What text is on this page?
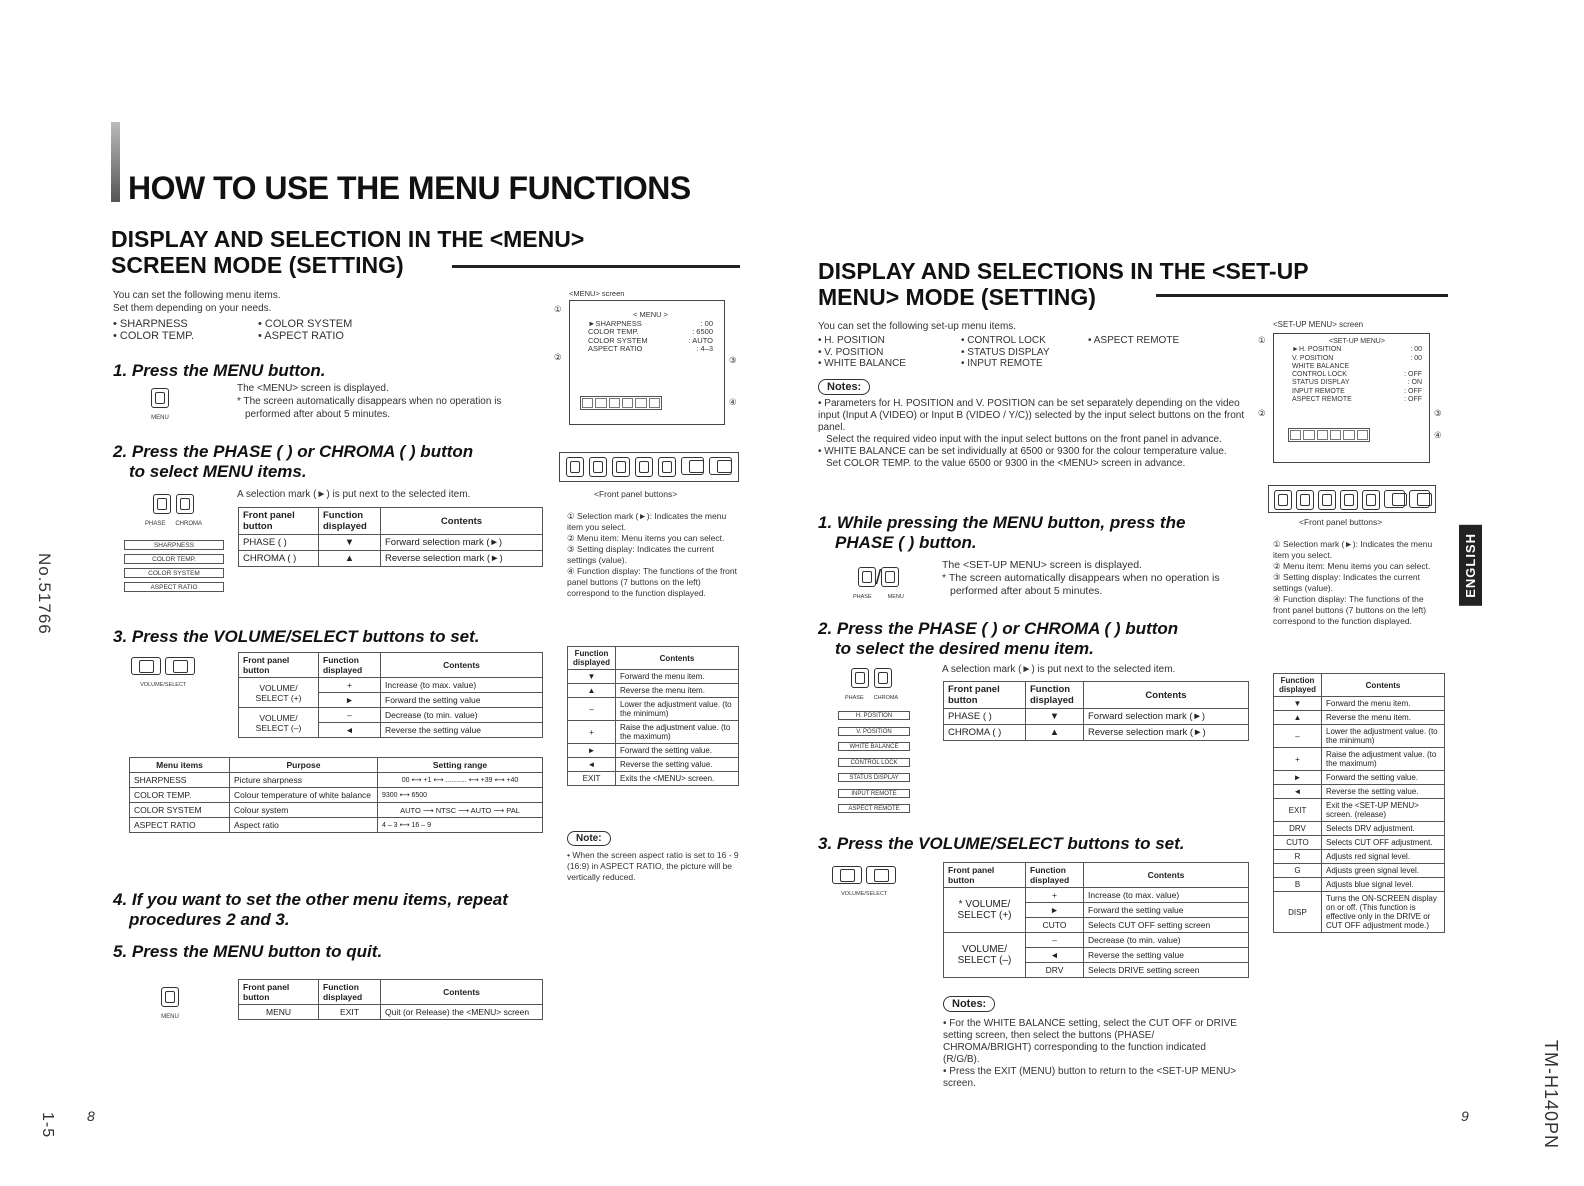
HOW TO USE THE MENU FUNCTIONS
DISPLAY AND SELECTION IN THE <MENU>
SCREEN MODE (SETTING)
You can set the following menu items.
Set them depending on your needs.
• SHARPNESS	• COLOR SYSTEM
• COLOR TEMP.	• ASPECT RATIO
1. Press the MENU button.
MENU
The <MENU> screen is displayed.
* The screen automatically disappears when no operation is
performed after about 5 minutes.
2. Press the PHASE ( ) or CHROMA ( ) button
to select MENU items.

PHASE CHROMA
A selection mark (►) is put next to the selected item.
SHARPNESS
COLOR TEMP.
COLOR SYSTEM
ASPECT RATIO
Front panel button	Function displayed	Contents
PHASE ( )	▼	Forward selection mark (►)
CHROMA ( )	▲	Reverse selection mark (►)
3. Press the VOLUME/SELECT buttons to set.

VOLUME/SELECT
Front panel button	Function displayed	Contents
VOLUME/ SELECT (+)	+	Increase (to max. value)
	►	Forward the setting value
VOLUME/ SELECT (–)	–	Decrease (to min. value)
	◄	Reverse the setting value
Menu items	Purpose	Setting range
SHARPNESS	Picture sharpness	00 ⟷ +1 ⟷ ........... ⟷ +39 ⟷ +40
COLOR TEMP.	Colour temperature of white balance	9300 ⟷ 6500
COLOR SYSTEM	Colour system	AUTO ⟶ NTSC ⟶ AUTO ⟶ PAL
ASPECT RATIO	Aspect ratio	4 – 3 ⟷ 16 – 9
4. If you want to set the other menu items, repeat
procedures 2 and 3.
5. Press the MENU button to quit.
MENU
Front panel button	Function displayed	Contents
MENU	EXIT	Quit (or Release) the <MENU> screen
<MENU> screen
< MENU >
►SHARPNESS	: 00
COLOR TEMP.	: 6500
COLOR SYSTEM	: AUTO
ASPECT RATIO	: 4–3
①
②	③
④
<Front panel buttons>
① Selection mark (►): Indicates the menu item you select.
② Menu item: Menu items you can select.
③ Setting display: Indicates the current settings (value).
④ Function display: The functions of the front panel buttons (7 buttons on the left) correspond to the function displayed.
Function displayed	Contents
▼	Forward the menu item.
▲	Reverse the menu item.
–	Lower the adjustment value. (to the minimum)
+	Raise the adjustment value. (to the maximum)
►	Forward the setting value.
◄	Reverse the setting value.
EXIT	Exits the <MENU> screen.
Note:
• When the screen aspect ratio is set to 16 - 9 (16:9) in ASPECT RATIO, the picture will be vertically reduced.
No.51766
1-5 8
DISPLAY AND SELECTIONS IN THE <SET-UP
MENU> MODE (SETTING)
You can set the following set-up menu items.
• H. POSITION
• V. POSITION
• WHITE BALANCE
• CONTROL LOCK
• STATUS DISPLAY
• INPUT REMOTE
• ASPECT REMOTE
Notes:
• Parameters for H. POSITION and V. POSITION can be set separately depending on the video input (Input A (VIDEO) or Input B (VIDEO / Y/C)) selected by the input select buttons on the front panel.
Select the required video input with the input select buttons on the front panel in advance.
• WHITE BALANCE can be set individually at 6500 or 9300 for the colour temperature value.
Set COLOR TEMP. to the value 6500 or 9300 in the <MENU> screen in advance.
1. While pressing the MENU button, press the
PHASE ( ) button.
/
PHASE	MENU
The <SET-UP MENU> screen is displayed.
* The screen automatically disappears when no operation is
performed after about 5 minutes.
2. Press the PHASE ( ) or CHROMA ( ) button
to select the desired menu item.
A selection mark (►) is put next to the selected item.

PHASE CHROMA
H. POSITION
V. POSITION
WHITE BALANCE
CONTROL LOCK
STATUS DISPLAY
INPUT REMOTE
ASPECT REMOTE
Front panel button	Function displayed	Contents
PHASE ( )	▼	Forward selection mark (►)
CHROMA ( )	▲	Reverse selection mark (►)
3. Press the VOLUME/SELECT buttons to set.

VOLUME/SELECT
Front panel button	Function displayed	Contents
* VOLUME/ SELECT (+)	+	Increase (to max. value)
	►	Forward the setting value
	CUTO	Selects CUT OFF setting screen
VOLUME/ SELECT (–)	–	Decrease (to min. value)
	◄	Reverse the setting value
	DRV	Selects DRIVE setting screen
Notes:
• For the WHITE BALANCE setting, select the CUT OFF or DRIVE setting screen, then select the buttons (PHASE/ CHROMA/BRIGHT) corresponding to the function indicated (R/G/B).
• Press the EXIT (MENU) button to return to the <SET-UP MENU> screen.
<SET-UP MENU> screen
<SET-UP MENU>
►H. POSITION	: 00
V. POSITION	: 00
WHITE BALANCE
CONTROL LOCK	: OFF
STATUS DISPLAY	: ON
INPUT REMOTE	: OFF
ASPECT REMOTE	: OFF
①
②	③
④
<Front panel buttons>
① Selection mark (►): Indicates the menu item you select.
② Menu item: Menu items you can select.
③ Setting display: Indicates the current settings (value).
④ Function display: The functions of the front panel buttons (7 buttons on the left) correspond to the function displayed.
Function displayed	Contents
▼	Forward the menu item.
▲	Reverse the menu item.
–	Lower the adjustment value. (to the minimum)
+	Raise the adjustment value. (to the maximum)
►	Forward the setting value.
◄	Reverse the setting value.
EXIT	Exit the <SET-UP MENU> screen. (release)
DRV	Selects DRV adjustment.
CUTO	Selects CUT OFF adjustment.
R	Adjusts red signal level.
G	Adjusts green signal level.
B	Adjusts blue signal level.
DISP	Turns the ON-SCREEN display on or off. (This function is effective only in the DRIVE or CUT OFF adjustment mode.)
ENGLISH
TM-H140PN
9
